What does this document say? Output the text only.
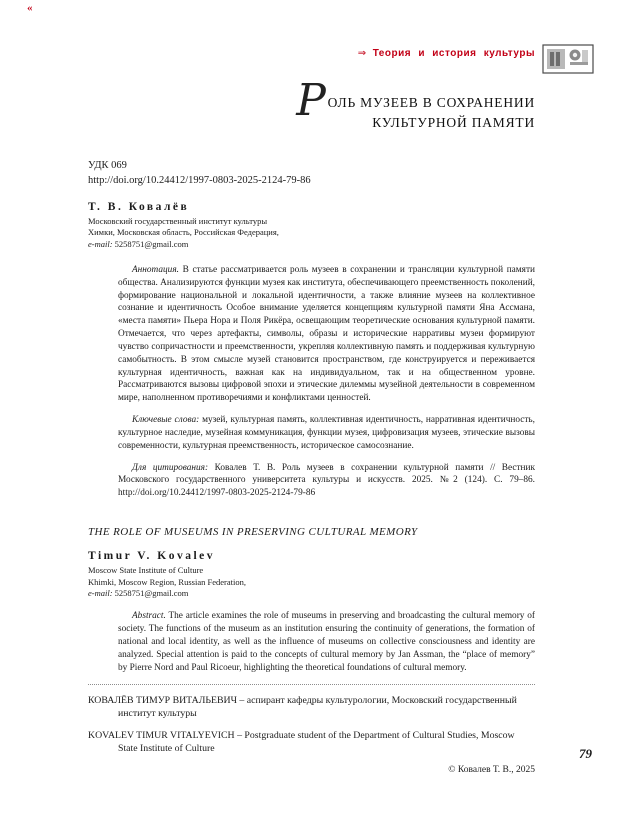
«
⇒ Теория и история культуры
РОЛЬ МУЗЕЕВ В СОХРАНЕНИИ
КУЛЬТУРНОЙ ПАМЯТИ
УДК 069
http://doi.org/10.24412/1997-0803-2025-2124-79-86
Т. В. Ковалёв
Московский государственный институт культуры
Химки, Московская область, Российская Федерация,
e-mail: 5258751@gmail.com

Аннотация. В статье рассматривается роль музеев в сохранении и трансляции культурной памяти общества. Анализируются функции музея как института, обеспечивающего преемственность поколений, формирование национальной и локальной идентичности, а также влияние музеев на коллективное сознание и идентичность Особое внимание уделяется концепциям культурной памяти Яна Ассмана, «места памяти» Пьера Нора и Поля Рикёра, освещающим теоретические основания культурной памяти. Отмечается, что через артефакты, символы, образы и исторические нарративы музеи формируют чувство сопричастности и преемственности, укрепляя коллективную память и поддерживая культурную самобытность. В этом смысле музей становится пространством, где конструируется и переживается культурная идентичность, важная как на индивидуальном, так и на общественном уровне. Рассматриваются вызовы цифровой эпохи и этические дилеммы музейной деятельности в современном мире, наполненном противоречиями и конфликтами ценностей.

Ключевые слова: музей, культурная память, коллективная идентичность, нарративная идентичность, культурное наследие, музейная коммуникация, функции музея, цифровизация музеев, этические вызовы современности, культурная преемственность, историческое самосознание.

Для цитирования: Ковалев Т. В. Роль музеев в сохранении культурной памяти // Вестник Московского государственного университета культуры и искусств. 2025. №2 (124). С. 79–86. http://doi.org/10.24412/1997-0803-2025-2124-79-86

THE ROLE OF MUSEUMS IN PRESERVING CULTURAL MEMORY
Timur V. Kovalev
Moscow State Institute of Culture
Khimki, Moscow Region, Russian Federation,
e-mail: 5258751@gmail.com

Abstract. The article examines the role of museums in preserving and broadcasting the cultural memory of society. The functions of the museum as an institution ensuring the continuity of generations, the formation of national and local identity, as well as the influence of museums on collective consciousness and identity are analyzed. Special attention is paid to the concepts of cultural memory by Jan Assman, the “place of memory” by Pierre Nord and Paul Ricoeur, highlighting the theoretical foundations of cultural memory.

КОВАЛЁВ ТИМУР ВИТАЛЬЕВИЧ – аспирант кафедры культурологии, Московский государственный институт культуры

KOVALEV TIMUR VITALYEVICH – Postgraduate student of the Department of Cultural Studies, Moscow State Institute of Culture

© Ковалев Т. В., 2025
79
